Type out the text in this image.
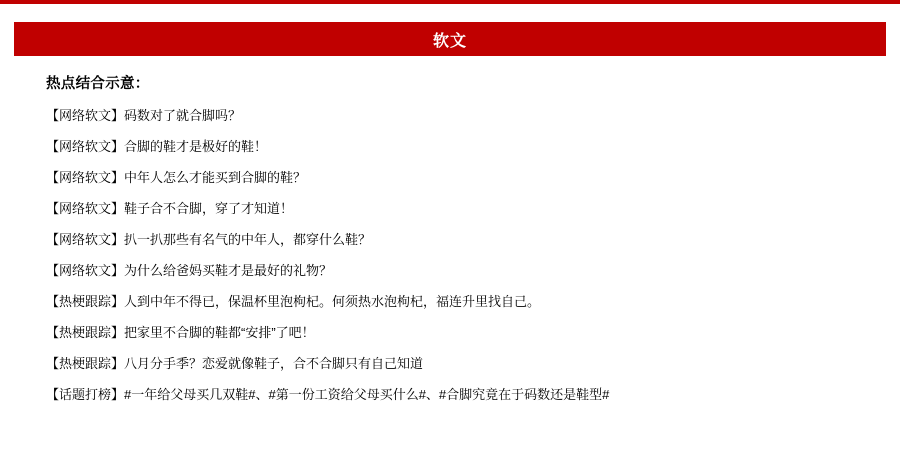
软文
热点结合示意：
【网络软文】码数对了就合脚吗？
【网络软文】合脚的鞋才是极好的鞋！
【网络软文】中年人怎么才能买到合脚的鞋？
【网络软文】鞋子合不合脚，穿了才知道！
【网络软文】扒一扒那些有名气的中年人，都穿什么鞋？
【网络软文】为什么给爸妈买鞋才是最好的礼物？
【热梗跟踪】人到中年不得已，保温杯里泡枸杞。何须热水泡枸杞，福连升里找自己。
【热梗跟踪】把家里不合脚的鞋都“安排”了吧！
【热梗跟踪】八月分手季？恋爱就像鞋子，合不合脚只有自己知道
【话题打榜】#一年给父母买几双鞋#、#第一份工资给父母买什么#、#合脚究竟在于码数还是鞋型#
